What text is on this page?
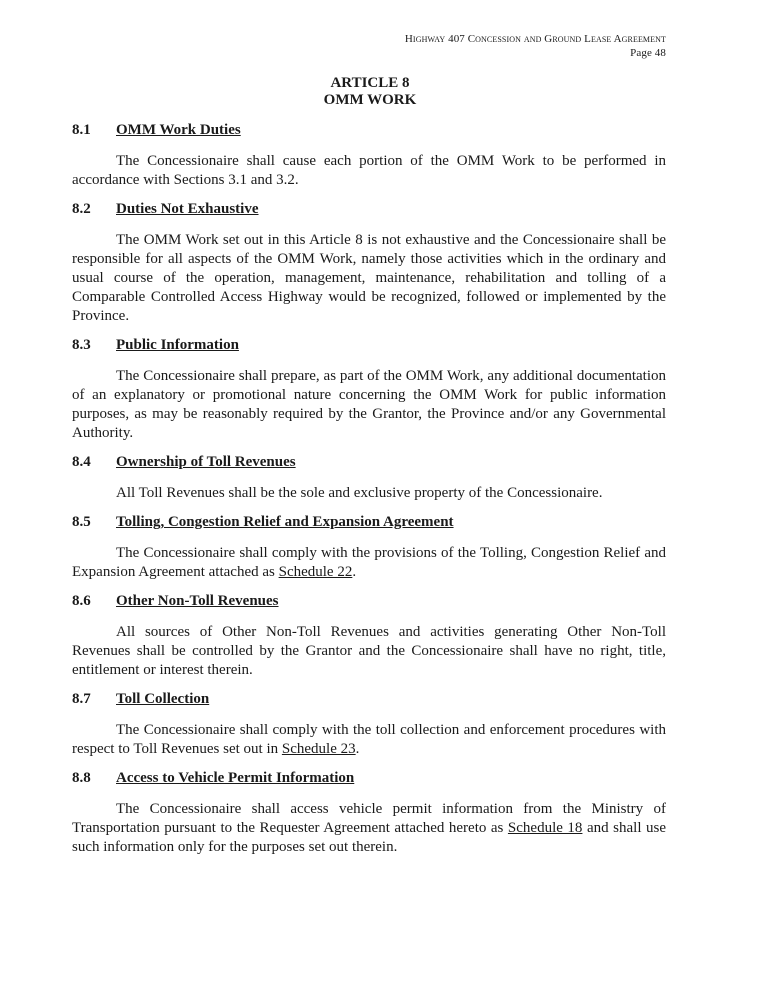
Highway 407 Concession and Ground Lease Agreement
Page 48
ARTICLE 8
OMM WORK
8.1 OMM Work Duties

The Concessionaire shall cause each portion of the OMM Work to be performed in accordance with Sections 3.1 and 3.2.

8.2 Duties Not Exhaustive

The OMM Work set out in this Article 8 is not exhaustive and the Concessionaire shall be responsible for all aspects of the OMM Work, namely those activities which in the ordinary and usual course of the operation, management, maintenance, rehabilitation and tolling of a Comparable Controlled Access Highway would be recognized, followed or implemented by the Province.

8.3 Public Information

The Concessionaire shall prepare, as part of the OMM Work, any additional documentation of an explanatory or promotional nature concerning the OMM Work for public information purposes, as may be reasonably required by the Grantor, the Province and/or any Governmental Authority.

8.4 Ownership of Toll Revenues

All Toll Revenues shall be the sole and exclusive property of the Concessionaire.

8.5 Tolling, Congestion Relief and Expansion Agreement

The Concessionaire shall comply with the provisions of the Tolling, Congestion Relief and Expansion Agreement attached as Schedule 22.

8.6 Other Non-Toll Revenues

All sources of Other Non-Toll Revenues and activities generating Other Non-Toll Revenues shall be controlled by the Grantor and the Concessionaire shall have no right, title, entitlement or interest therein.

8.7 Toll Collection

The Concessionaire shall comply with the toll collection and enforcement procedures with respect to Toll Revenues set out in Schedule 23.

8.8 Access to Vehicle Permit Information

The Concessionaire shall access vehicle permit information from the Ministry of Transportation pursuant to the Requester Agreement attached hereto as Schedule 18 and shall use such information only for the purposes set out therein.
